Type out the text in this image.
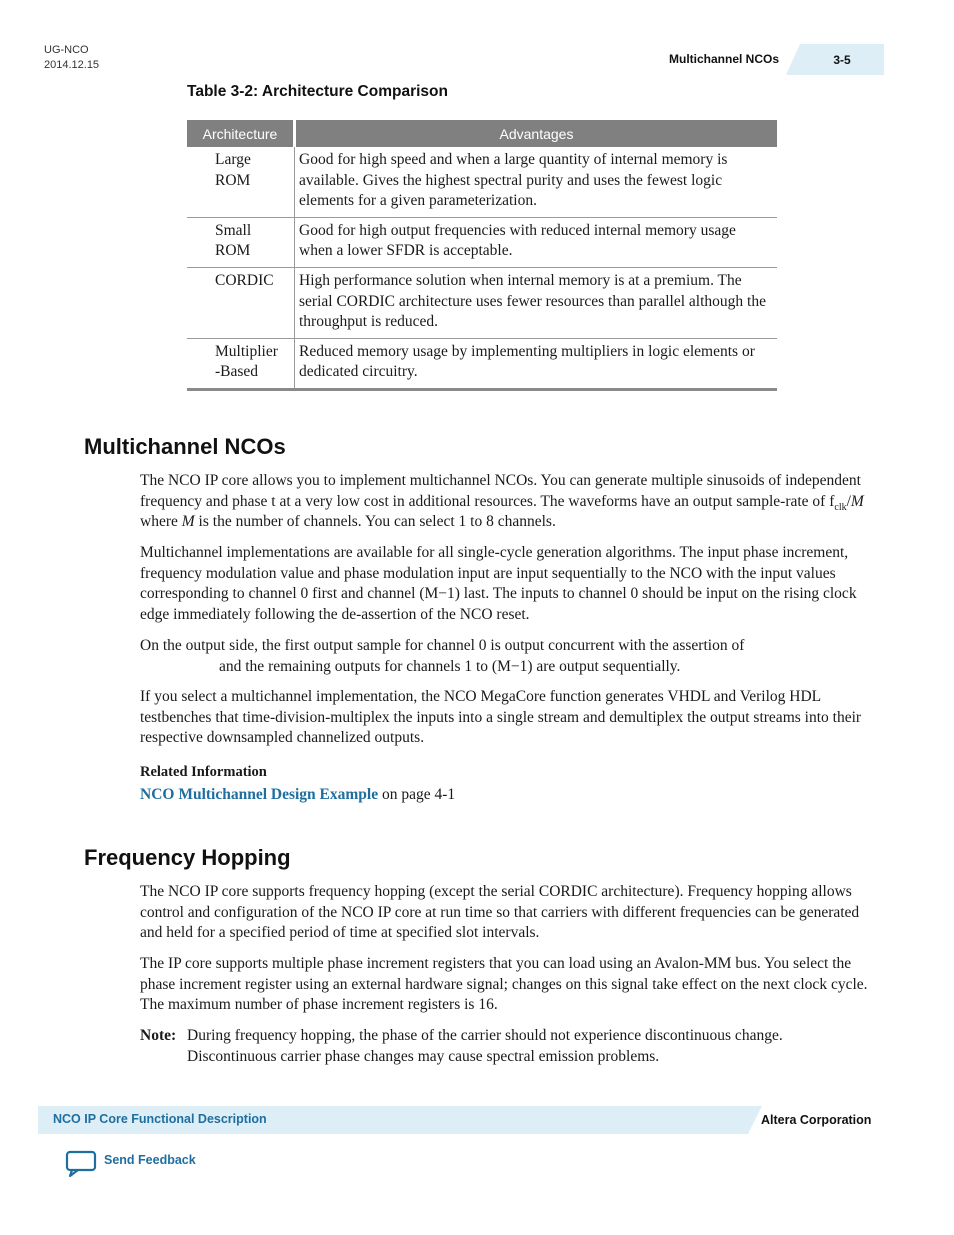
UG-NCO
2014.12.15	Multichannel NCOs	3-5
Table 3-2: Architecture Comparison
Architecture	Advantages
Large
ROM	Good for high speed and when a large quantity of internal memory is available. Gives the highest spectral purity and uses the fewest logic elements for a given parameterization.
Small
ROM	Good for high output frequencies with reduced internal memory usage when a lower SFDR is acceptable.
CORDIC	High performance solution when internal memory is at a premium. The serial CORDIC architecture uses fewer resources than parallel although the throughput is reduced.
Multiplier
-Based	Reduced memory usage by implementing multipliers in logic elements or dedicated circuitry.
Multichannel NCOs

The NCO IP core allows you to implement multichannel NCOs. You can generate multiple sinusoids of independent frequency and phase t at a very low cost in additional resources. The waveforms have an output sample-rate of $f_{clk}/M$ where M is the number of channels. You can select 1 to 8 channels.

Multichannel implementations are available for all single-cycle generation algorithms. The input phase increment, frequency modulation value and phase modulation input are input sequentially to the NCO with the input values corresponding to channel 0 first and channel (M−1) last. The inputs to channel 0 should be input on the rising clock edge immediately following the de-assertion of the NCO reset.

On the output side, the first output sample for channel 0 is output concurrent with the assertion of
and the remaining outputs for channels 1 to (M−1) are output sequentially.

If you select a multichannel implementation, the NCO MegaCore function generates VHDL and Verilog HDL testbenches that time-division-multiplex the inputs into a single stream and demultiplex the output streams into their respective downsampled channelized outputs.

Related Information
NCO Multichannel Design Example on page 4-1
Frequency Hopping

The NCO IP core supports frequency hopping (except the serial CORDIC architecture). Frequency hopping allows control and configuration of the NCO IP core at run time so that carriers with different frequencies can be generated and held for a specified period of time at specified slot intervals.

The IP core supports multiple phase increment registers that you can load using an Avalon-MM bus. You select the phase increment register using an external hardware signal; changes on this signal take effect on the next clock cycle. The maximum number of phase increment registers is 16.

Note: During frequency hopping, the phase of the carrier should not experience discontinuous change. Discontinuous carrier phase changes may cause spectral emission problems.
NCO IP Core Functional Description	Altera Corporation
Send Feedback
